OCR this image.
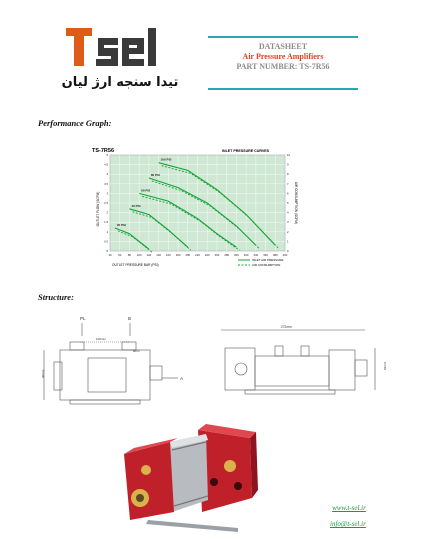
تیدا سنجه ارژ لیان
DATASHEET
Air Pressure Amplifiers
PART NUMBER: TS-7R56
Performance Graph:
TS-7R56	INLET PRESSURE CURVES
100 PSI
80 PSI
60 PSI
40 PSI
20 PSI
40 60 80 100 120 140 160 180 200 220 240 260 280 300 320 340 360 380 400
5
4.5
4
3.5
3
2.5
2
1.5
1
0.5
0
10
9
8
7
6
5
4
3
2
1
0
OUTLET FLOW (SCFM)	AIR CONSUMPTION (SCFM)
OUTLET PRESSURE BAR (PSI)
INLET AIR PRESSURE
AIR CONSUMPTION
Structure:
PL	B
A
100mm
8mm
90mm
272mm
82mm
www.t-sel.ir
info@t-sel.ir
